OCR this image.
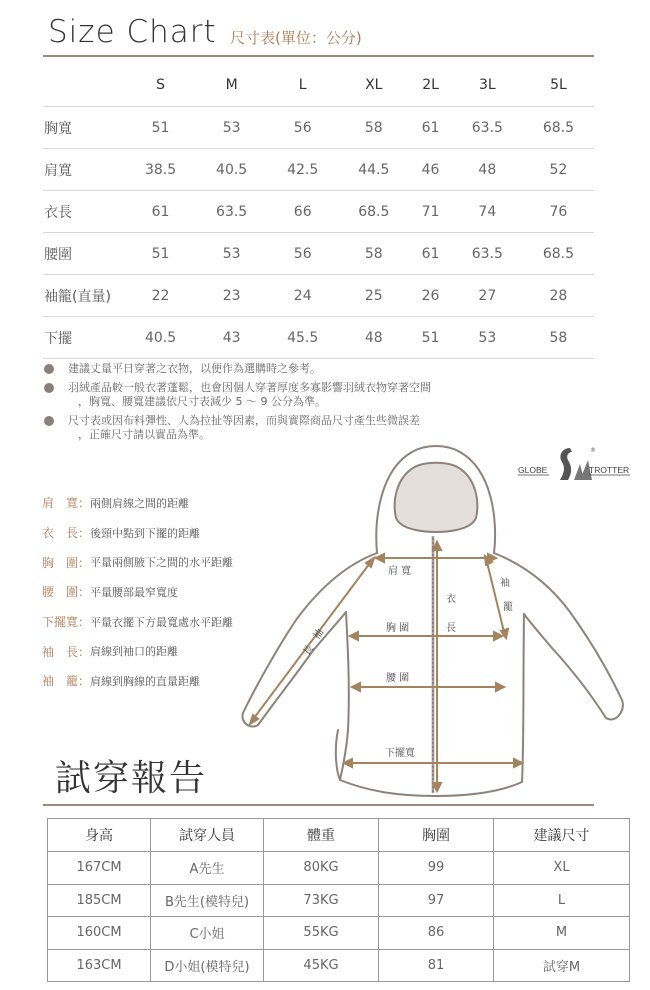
Size Chart 尺寸表(單位：公分)
	S	M	L	XL	2L	3L	5L
胸寬	51	53	56	58	61	63.5	68.5
肩寬	38.5	40.5	42.5	44.5	46	48	52
衣長	61	63.5	66	68.5	71	74	76
腰圍	51	53	56	58	61	63.5	68.5
袖籠(直量)	22	23	24	25	26	27	28
下擺	40.5	43	45.5	48	51	53	58
建議丈量平日穿著之衣物，以便作為選購時之參考。
羽絨產品較一般衣著蓬鬆，也會因個人穿著厚度多寡影響羽絨衣物穿著空間
，胸寬、腰寬建議依尺寸表減少 5 ～ 9 公分為準。
尺寸表或因布料彈性、人為拉扯等因素，而與實際商品尺寸產生些微誤差
，正確尺寸請以實品為準。
肩　寬： 兩側肩線之間的距離
衣　長： 後頸中點到下擺的距離
胸　圍： 平量兩側腋下之間的水平距離
腰　圍： 平量腰部最窄寬度
下擺寬： 平量衣擺下方最寬處水平距離
袖　長： 肩線到袖口的距離
袖　籠： 肩線到胸線的直量距離
GLOBE
®
TROTTER
肩 寬
胸 圍
腰 圍
下擺寬
衣
長
袖
籠
袖
長
試穿報告
身高	試穿人員	體重	胸圍	建議尺寸
167CM	A先生	80KG	99	XL
185CM	B先生(模特兒)	73KG	97	L
160CM	C小姐	55KG	86	M
163CM	D小姐(模特兒)	45KG	81	試穿M
